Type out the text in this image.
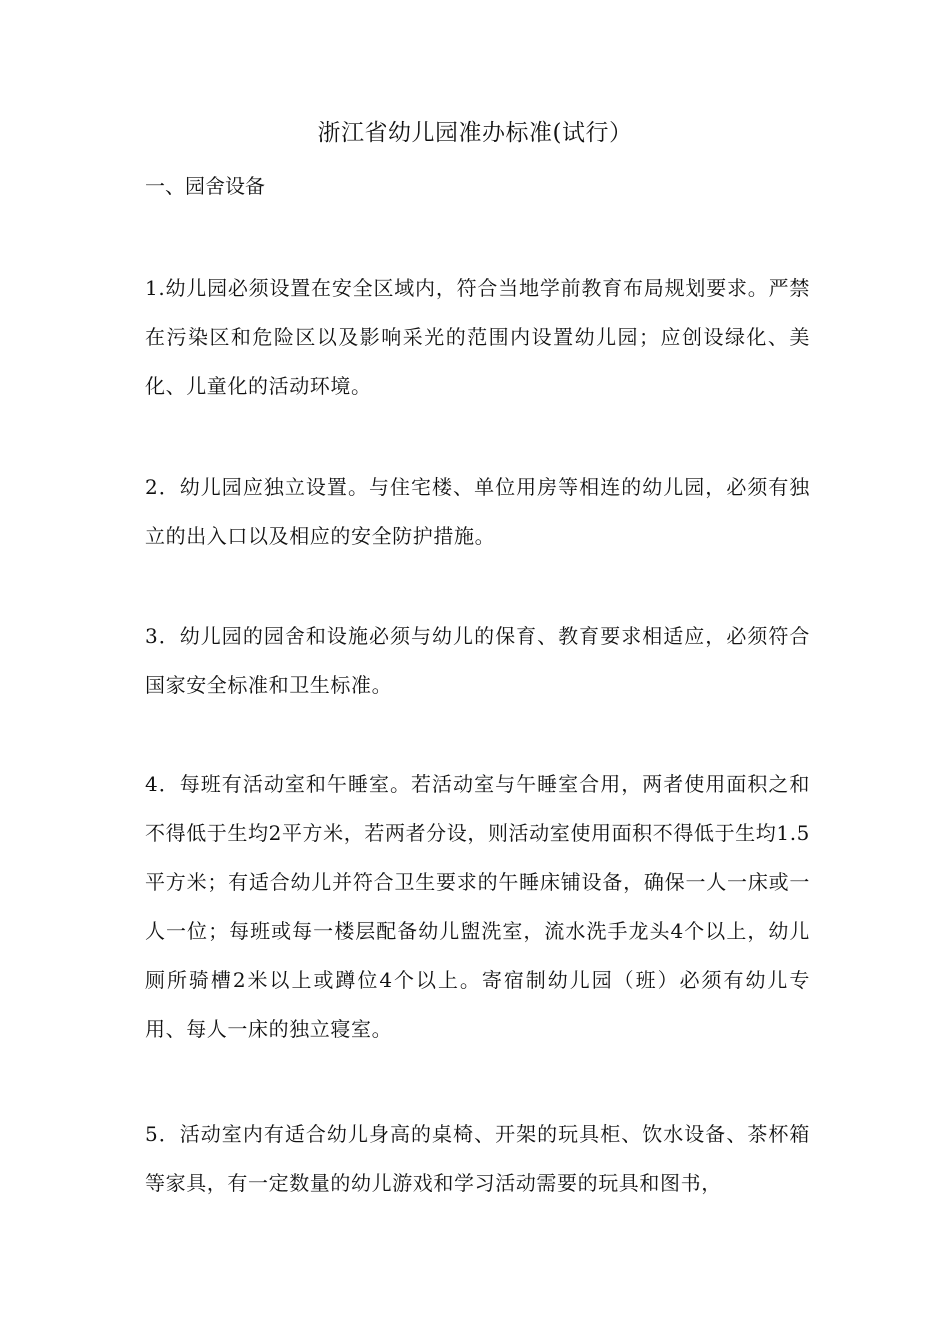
浙江省幼儿园准办标准(试行）
一、园舍设备

1.幼儿园必须设置在安全区域内，符合当地学前教育布局规划要求。严禁在污染区和危险区以及影响采光的范围内设置幼儿园；应创设绿化、美化、儿童化的活动环境。

2．幼儿园应独立设置。与住宅楼、单位用房等相连的幼儿园，必须有独立的出入口以及相应的安全防护措施。

3．幼儿园的园舍和设施必须与幼儿的保育、教育要求相适应，必须符合国家安全标准和卫生标准。

4．每班有活动室和午睡室。若活动室与午睡室合用，两者使用面积之和不得低于生均2平方米，若两者分设，则活动室使用面积不得低于生均1.5平方米；有适合幼儿并符合卫生要求的午睡床铺设备，确保一人一床或一人一位；每班或每一楼层配备幼儿盥洗室，流水洗手龙头4个以上，幼儿厕所骑槽2米以上或蹲位4个以上。寄宿制幼儿园（班）必须有幼儿专用、每人一床的独立寝室。

5．活动室内有适合幼儿身高的桌椅、开架的玩具柜、饮水设备、茶杯箱等家具，有一定数量的幼儿游戏和学习活动需要的玩具和图书，
